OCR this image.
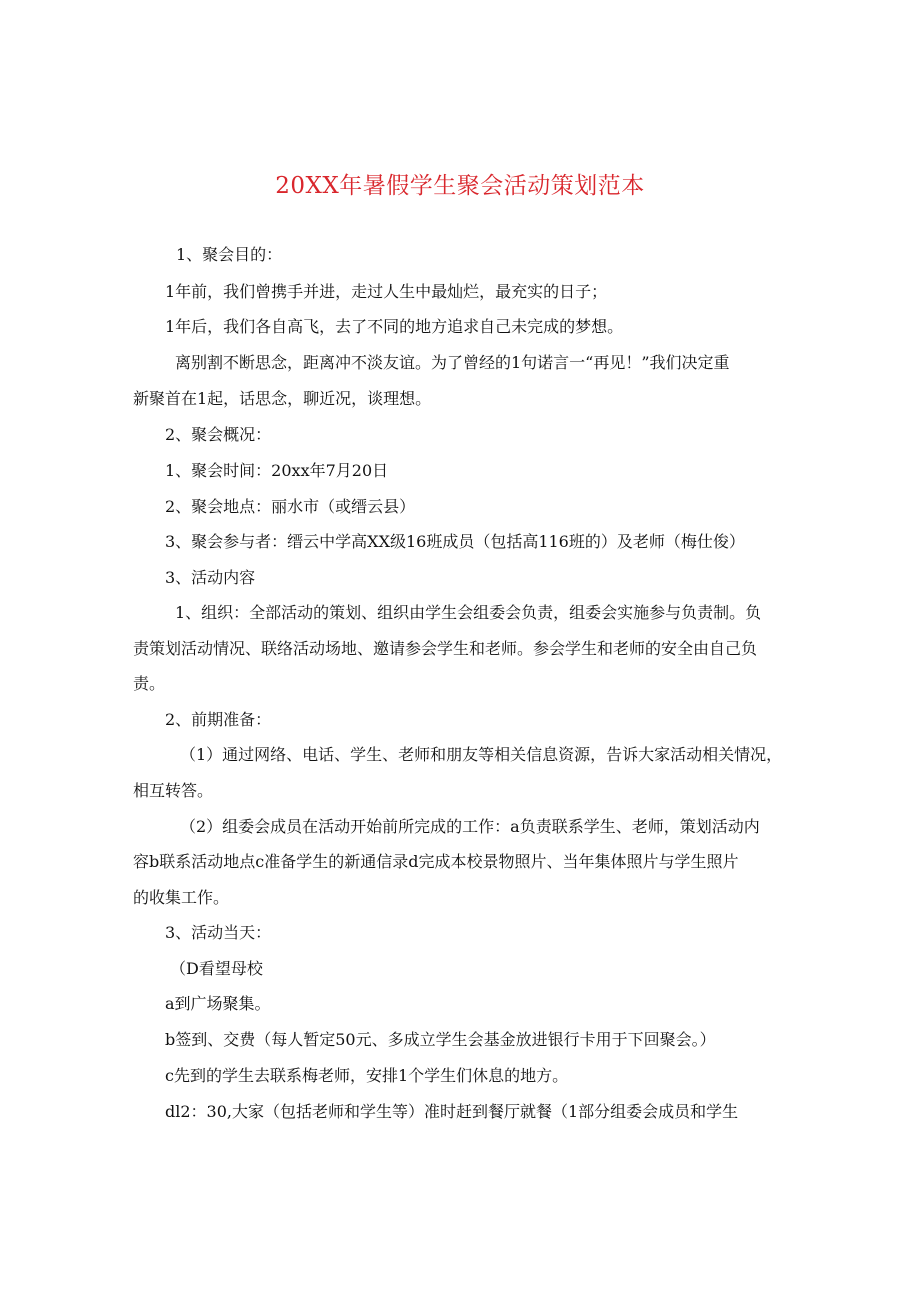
20XX年暑假学生聚会活动策划范本
1、聚会目的：
1年前，我们曾携手并进，走过人生中最灿烂，最充实的日子；
1年后，我们各自高飞，去了不同的地方追求自己未完成的梦想。
离别割不断思念，距离冲不淡友谊。为了曾经的1句诺言一“再见！”我们决定重
新聚首在1起，话思念，聊近况，谈理想。
2、聚会概况：
1、聚会时间：20xx年7月20日
2、聚会地点：丽水市（或缙云县）
3、聚会参与者：缙云中学高XX级16班成员（包括高116班的）及老师（梅仕俊）
3、活动内容
1、组织：全部活动的策划、组织由学生会组委会负责，组委会实施参与负责制。负
责策划活动情况、联络活动场地、邀请参会学生和老师。参会学生和老师的安全由自己负
责。
2、前期准备：
（1）通过网络、电话、学生、老师和朋友等相关信息资源，告诉大家活动相关情况，
相互转答。
（2）组委会成员在活动开始前所完成的工作：a负责联系学生、老师，策划活动内
容b联系活动地点c准备学生的新通信录d完成本校景物照片、当年集体照片与学生照片
的收集工作。
3、活动当天：
（D看望母校
a到广场聚集。
b签到、交费（每人暂定50元、多成立学生会基金放进银行卡用于下回聚会。）
c先到的学生去联系梅老师，安排1个学生们休息的地方。
dl2：30,大家（包括老师和学生等）准时赶到餐厅就餐（1部分组委会成员和学生
